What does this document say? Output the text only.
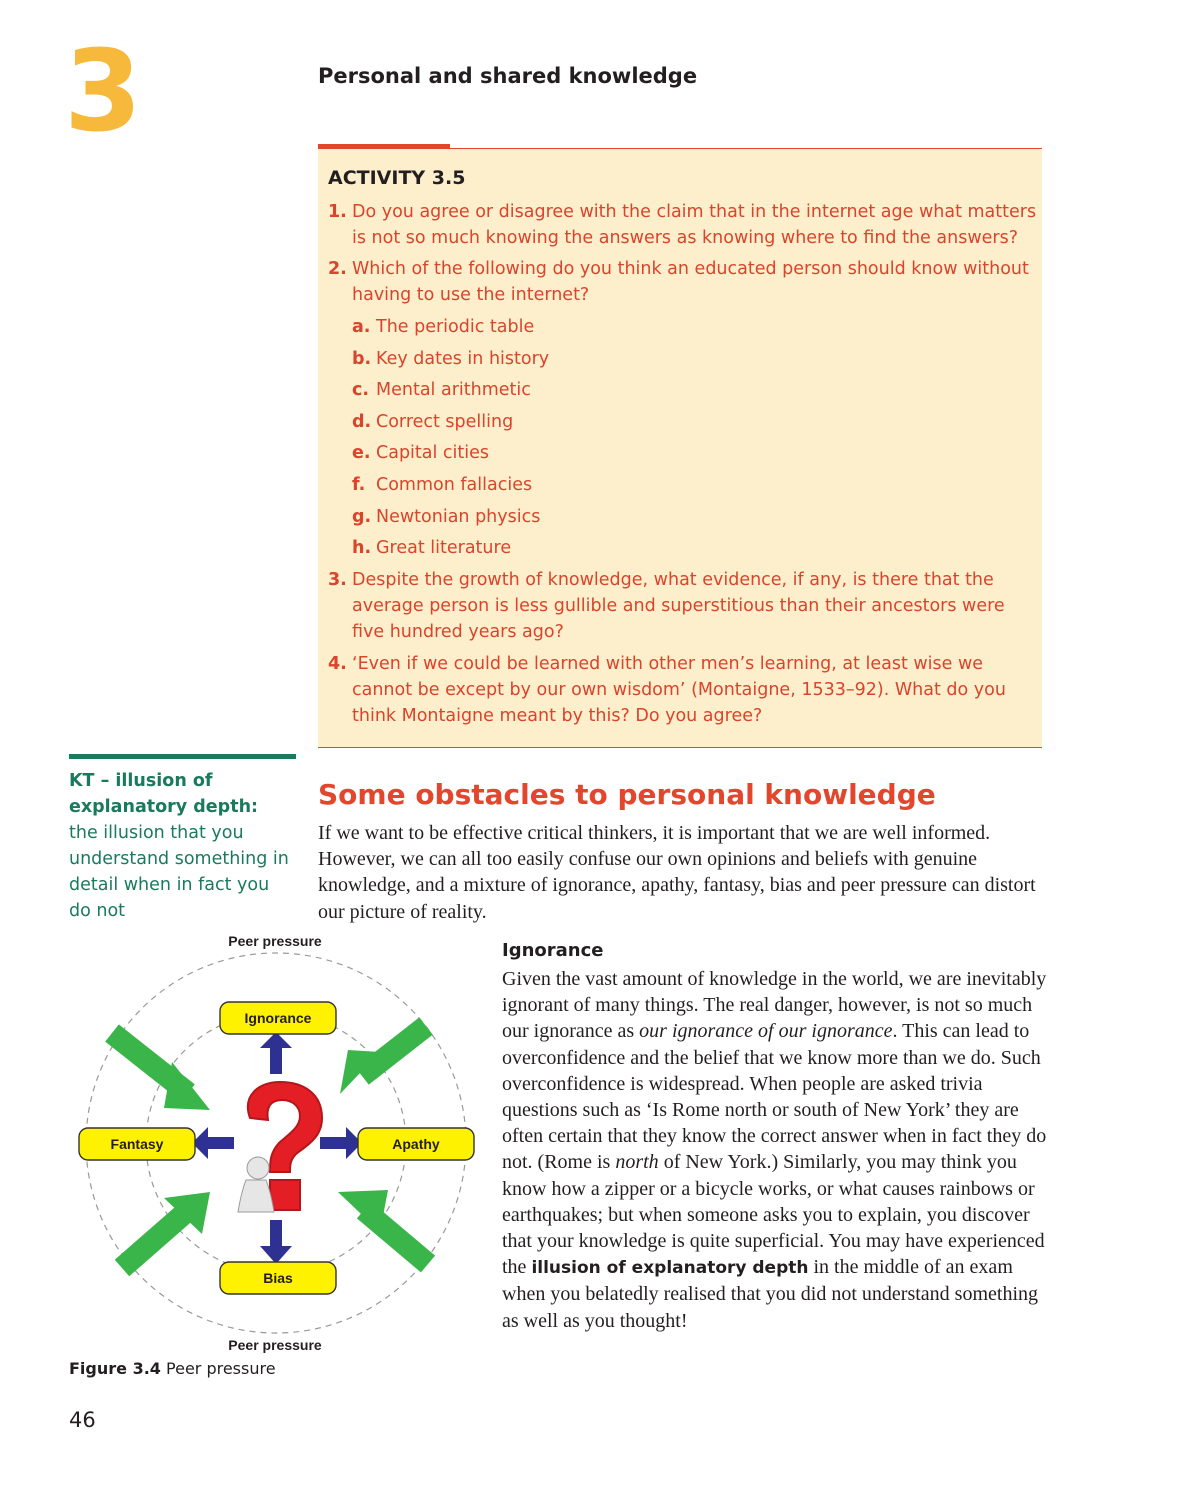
3	Personal and shared knowledge
ACTIVITY 3.5
1. Do you agree or disagree with the claim that in the internet age what matters is not so much knowing the answers as knowing where to find the answers?
2. Which of the following do you think an educated person should know without having to use the internet?
a. The periodic table
b. Key dates in history
c. Mental arithmetic
d. Correct spelling
e. Capital cities
f. Common fallacies
g. Newtonian physics
h. Great literature
3. Despite the growth of knowledge, what evidence, if any, is there that the average person is less gullible and superstitious than their ancestors were five hundred years ago?
4. ‘Even if we could be learned with other men’s learning, at least wise we cannot be except by our own wisdom’ (Montaigne, 1533–92). What do you think Montaigne meant by this? Do you agree?
KT – illusion of explanatory depth: the illusion that you understand something in detail when in fact you do not
Some obstacles to personal knowledge
If we want to be effective critical thinkers, it is important that we are well informed. However, we can all too easily confuse our own opinions and beliefs with genuine knowledge, and a mixture of ignorance, apathy, fantasy, bias and peer pressure can distort our picture of reality.
Ignorance
Given the vast amount of knowledge in the world, we are inevitably ignorant of many things. The real danger, however, is not so much our ignorance as our ignorance of our ignorance. This can lead to overconfidence and the belief that we know more than we do. Such overconfidence is widespread. When people are asked trivia questions such as ‘Is Rome north or south of New York’ they are often certain that they know the correct answer when in fact they do not. (Rome is north of New York.) Similarly, you may think you know how a zipper or a bicycle works, or what causes rainbows or earthquakes; but when someone asks you to explain, you discover that your knowledge is quite superficial. You may have experienced the illusion of explanatory depth in the middle of an exam when you belatedly realised that you did not understand something as well as you thought!
Peer pressure
Peer pressure
Ignorance
Fantasy	Apathy
Bias
Figure 3.4 Peer pressure
46
